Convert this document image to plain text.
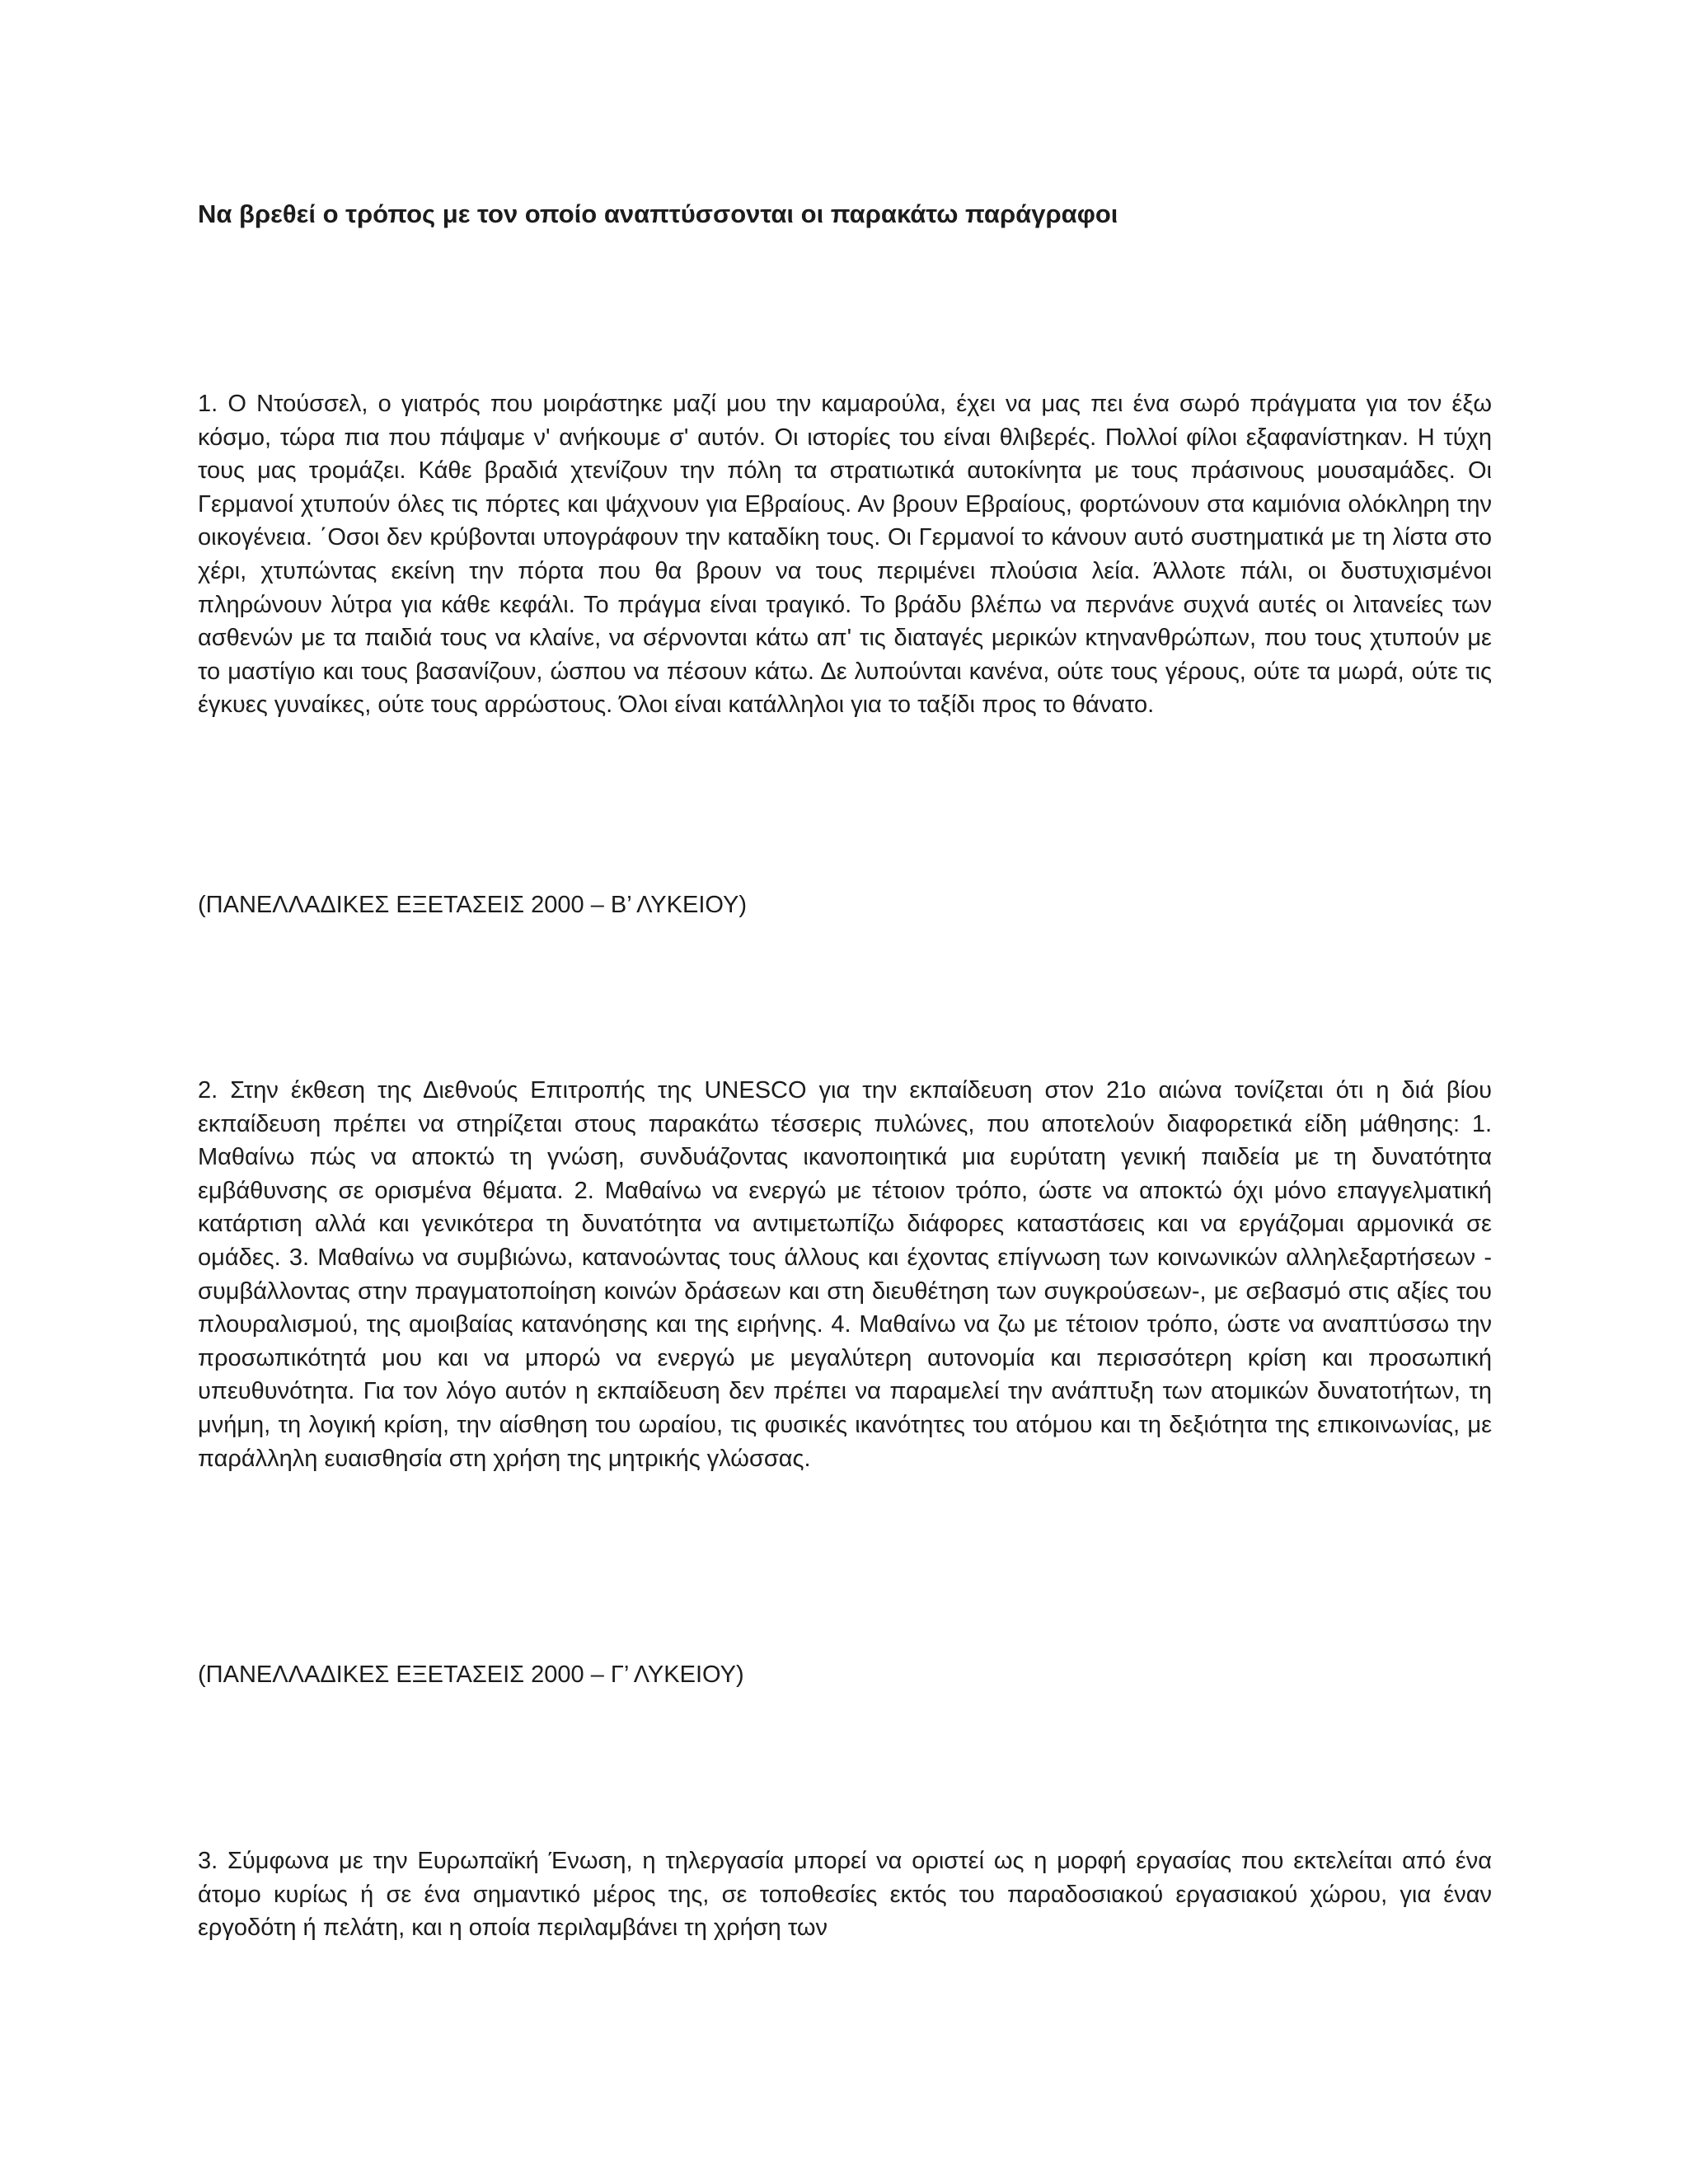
Να βρεθεί ο τρόπος με τον οποίο αναπτύσσονται οι παρακάτω παράγραφοι

1. Ο Ντούσσελ, ο γιατρός που μοιράστηκε μαζί μου την καμαρούλα, έχει να μας πει ένα σωρό πράγματα για τον έξω κόσμο, τώρα πια που πάψαμε ν' ανήκουμε σ' αυτόν. Οι ιστορίες του είναι θλιβερές. Πολλοί φίλοι εξαφανίστηκαν. Η τύχη τους μας τρομάζει. Κάθε βραδιά χτενίζουν την πόλη τα στρατιωτικά αυτοκίνητα με τους πράσινους μουσαμάδες. Οι Γερμανοί χτυπούν όλες τις πόρτες και ψάχνουν για Εβραίους. Αν βρουν Εβραίους, φορτώνουν στα καμιόνια ολόκληρη την οικογένεια. ΄Οσοι δεν κρύβονται υπογράφουν την καταδίκη τους. Οι Γερμανοί το κάνουν αυτό συστηματικά με τη λίστα στο χέρι, χτυπώντας εκείνη την πόρτα που θα βρουν να τους περιμένει πλούσια λεία. Άλλοτε πάλι, οι δυστυχισμένοι πληρώνουν λύτρα για κάθε κεφάλι. Το πράγμα είναι τραγικό. Το βράδυ βλέπω να περνάνε συχνά αυτές οι λιτανείες των ασθενών με τα παιδιά τους να κλαίνε, να σέρνονται κάτω απ' τις διαταγές μερικών κτηνανθρώπων, που τους χτυπούν με το μαστίγιο και τους βασανίζουν, ώσπου να πέσουν κάτω. Δε λυπούνται κανένα, ούτε τους γέρους, ούτε τα μωρά, ούτε τις έγκυες γυναίκες, ούτε τους αρρώστους. Όλοι είναι κατάλληλοι για το ταξίδι προς το θάνατο.

(ΠΑΝΕΛΛΑΔΙΚΕΣ ΕΞΕΤΑΣΕΙΣ 2000 – Β’ ΛΥΚΕΙΟΥ)

2. Στην έκθεση της Διεθνούς Επιτροπής της UNESCO για την εκπαίδευση στον 21ο αιώνα τονίζεται ότι η διά βίου εκπαίδευση πρέπει να στηρίζεται στους παρακάτω τέσσερις πυλώνες, που αποτελούν διαφορετικά είδη μάθησης: 1. Μαθαίνω πώς να αποκτώ τη γνώση, συνδυάζοντας ικανοποιητικά μια ευρύτατη γενική παιδεία με τη δυνατότητα εμβάθυνσης σε ορισμένα θέματα. 2. Μαθαίνω να ενεργώ με τέτοιον τρόπο, ώστε να αποκτώ όχι μόνο επαγγελματική κατάρτιση αλλά και γενικότερα τη δυνατότητα να αντιμετωπίζω διάφορες καταστάσεις και να εργάζομαι αρμονικά σε ομάδες. 3. Μαθαίνω να συμβιώνω, κατανοώντας τους άλλους και έχοντας επίγνωση των κοινωνικών αλληλεξαρτήσεων - συμβάλλοντας στην πραγματοποίηση κοινών δράσεων και στη διευθέτηση των συγκρούσεων-, με σεβασμό στις αξίες του πλουραλισμού, της αμοιβαίας κατανόησης και της ειρήνης. 4. Μαθαίνω να ζω με τέτοιον τρόπο, ώστε να αναπτύσσω την προσωπικότητά μου και να μπορώ να ενεργώ με μεγαλύτερη αυτονομία και περισσότερη κρίση και προσωπική υπευθυνότητα. Για τον λόγο αυτόν η εκπαίδευση δεν πρέπει να παραμελεί την ανάπτυξη των ατομικών δυνατοτήτων, τη μνήμη, τη λογική κρίση, την αίσθηση του ωραίου, τις φυσικές ικανότητες του ατόμου και τη δεξιότητα της επικοινωνίας, με παράλληλη ευαισθησία στη χρήση της μητρικής γλώσσας.

(ΠΑΝΕΛΛΑΔΙΚΕΣ ΕΞΕΤΑΣΕΙΣ 2000 – Γ’ ΛΥΚΕΙΟΥ)

3. Σύμφωνα με την Ευρωπαϊκή Ένωση, η τηλεργασία μπορεί να οριστεί ως η μορφή εργασίας που εκτελείται από ένα άτομο κυρίως ή σε ένα σημαντικό μέρος της, σε τοποθεσίες εκτός του παραδοσιακού εργασιακού χώρου, για έναν εργοδότη ή πελάτη, και η οποία περιλαμβάνει τη χρήση των
